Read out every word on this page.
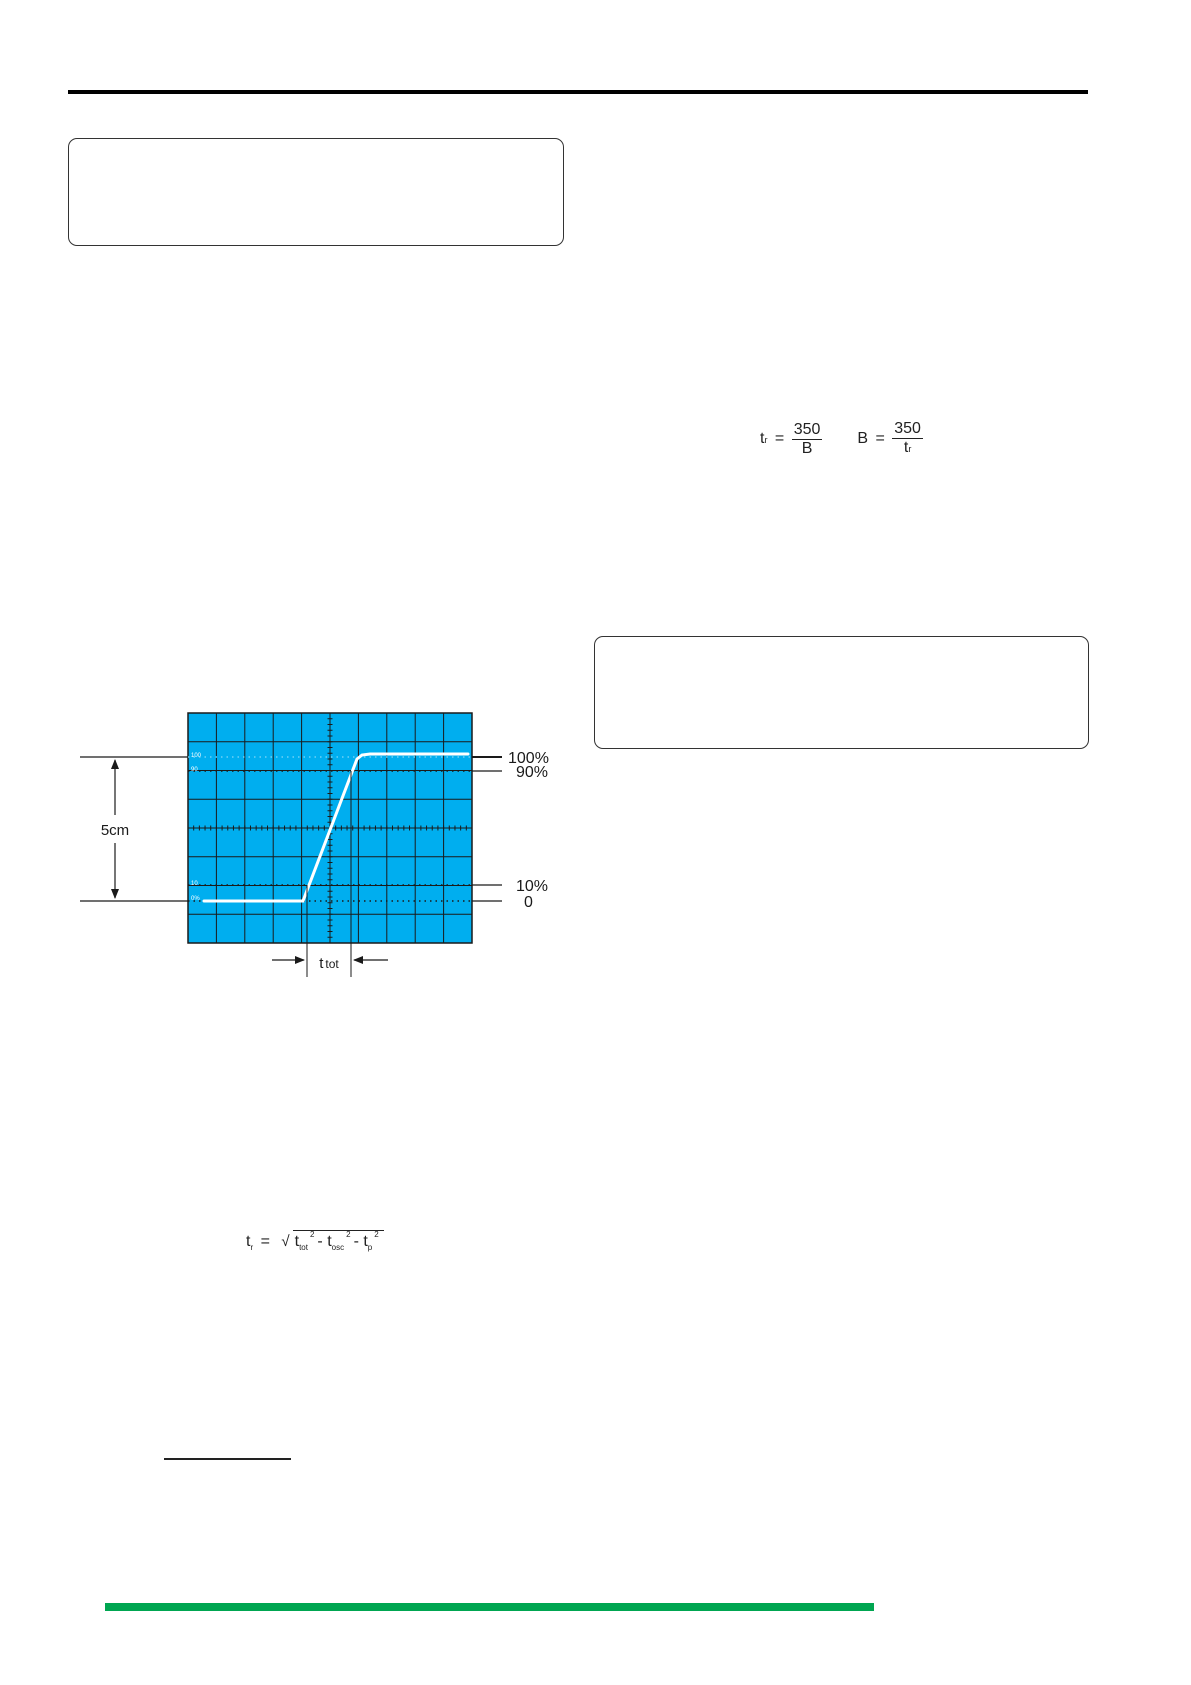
tr = $\frac{350}{B}$ $B = \frac{350}{tr}$
100
90
10
0%
100%
90%
10%
0
5cm
t tot
$t_r$ = √ $t_{tot}^2 - t_{osc}^2 - t_p^2$
